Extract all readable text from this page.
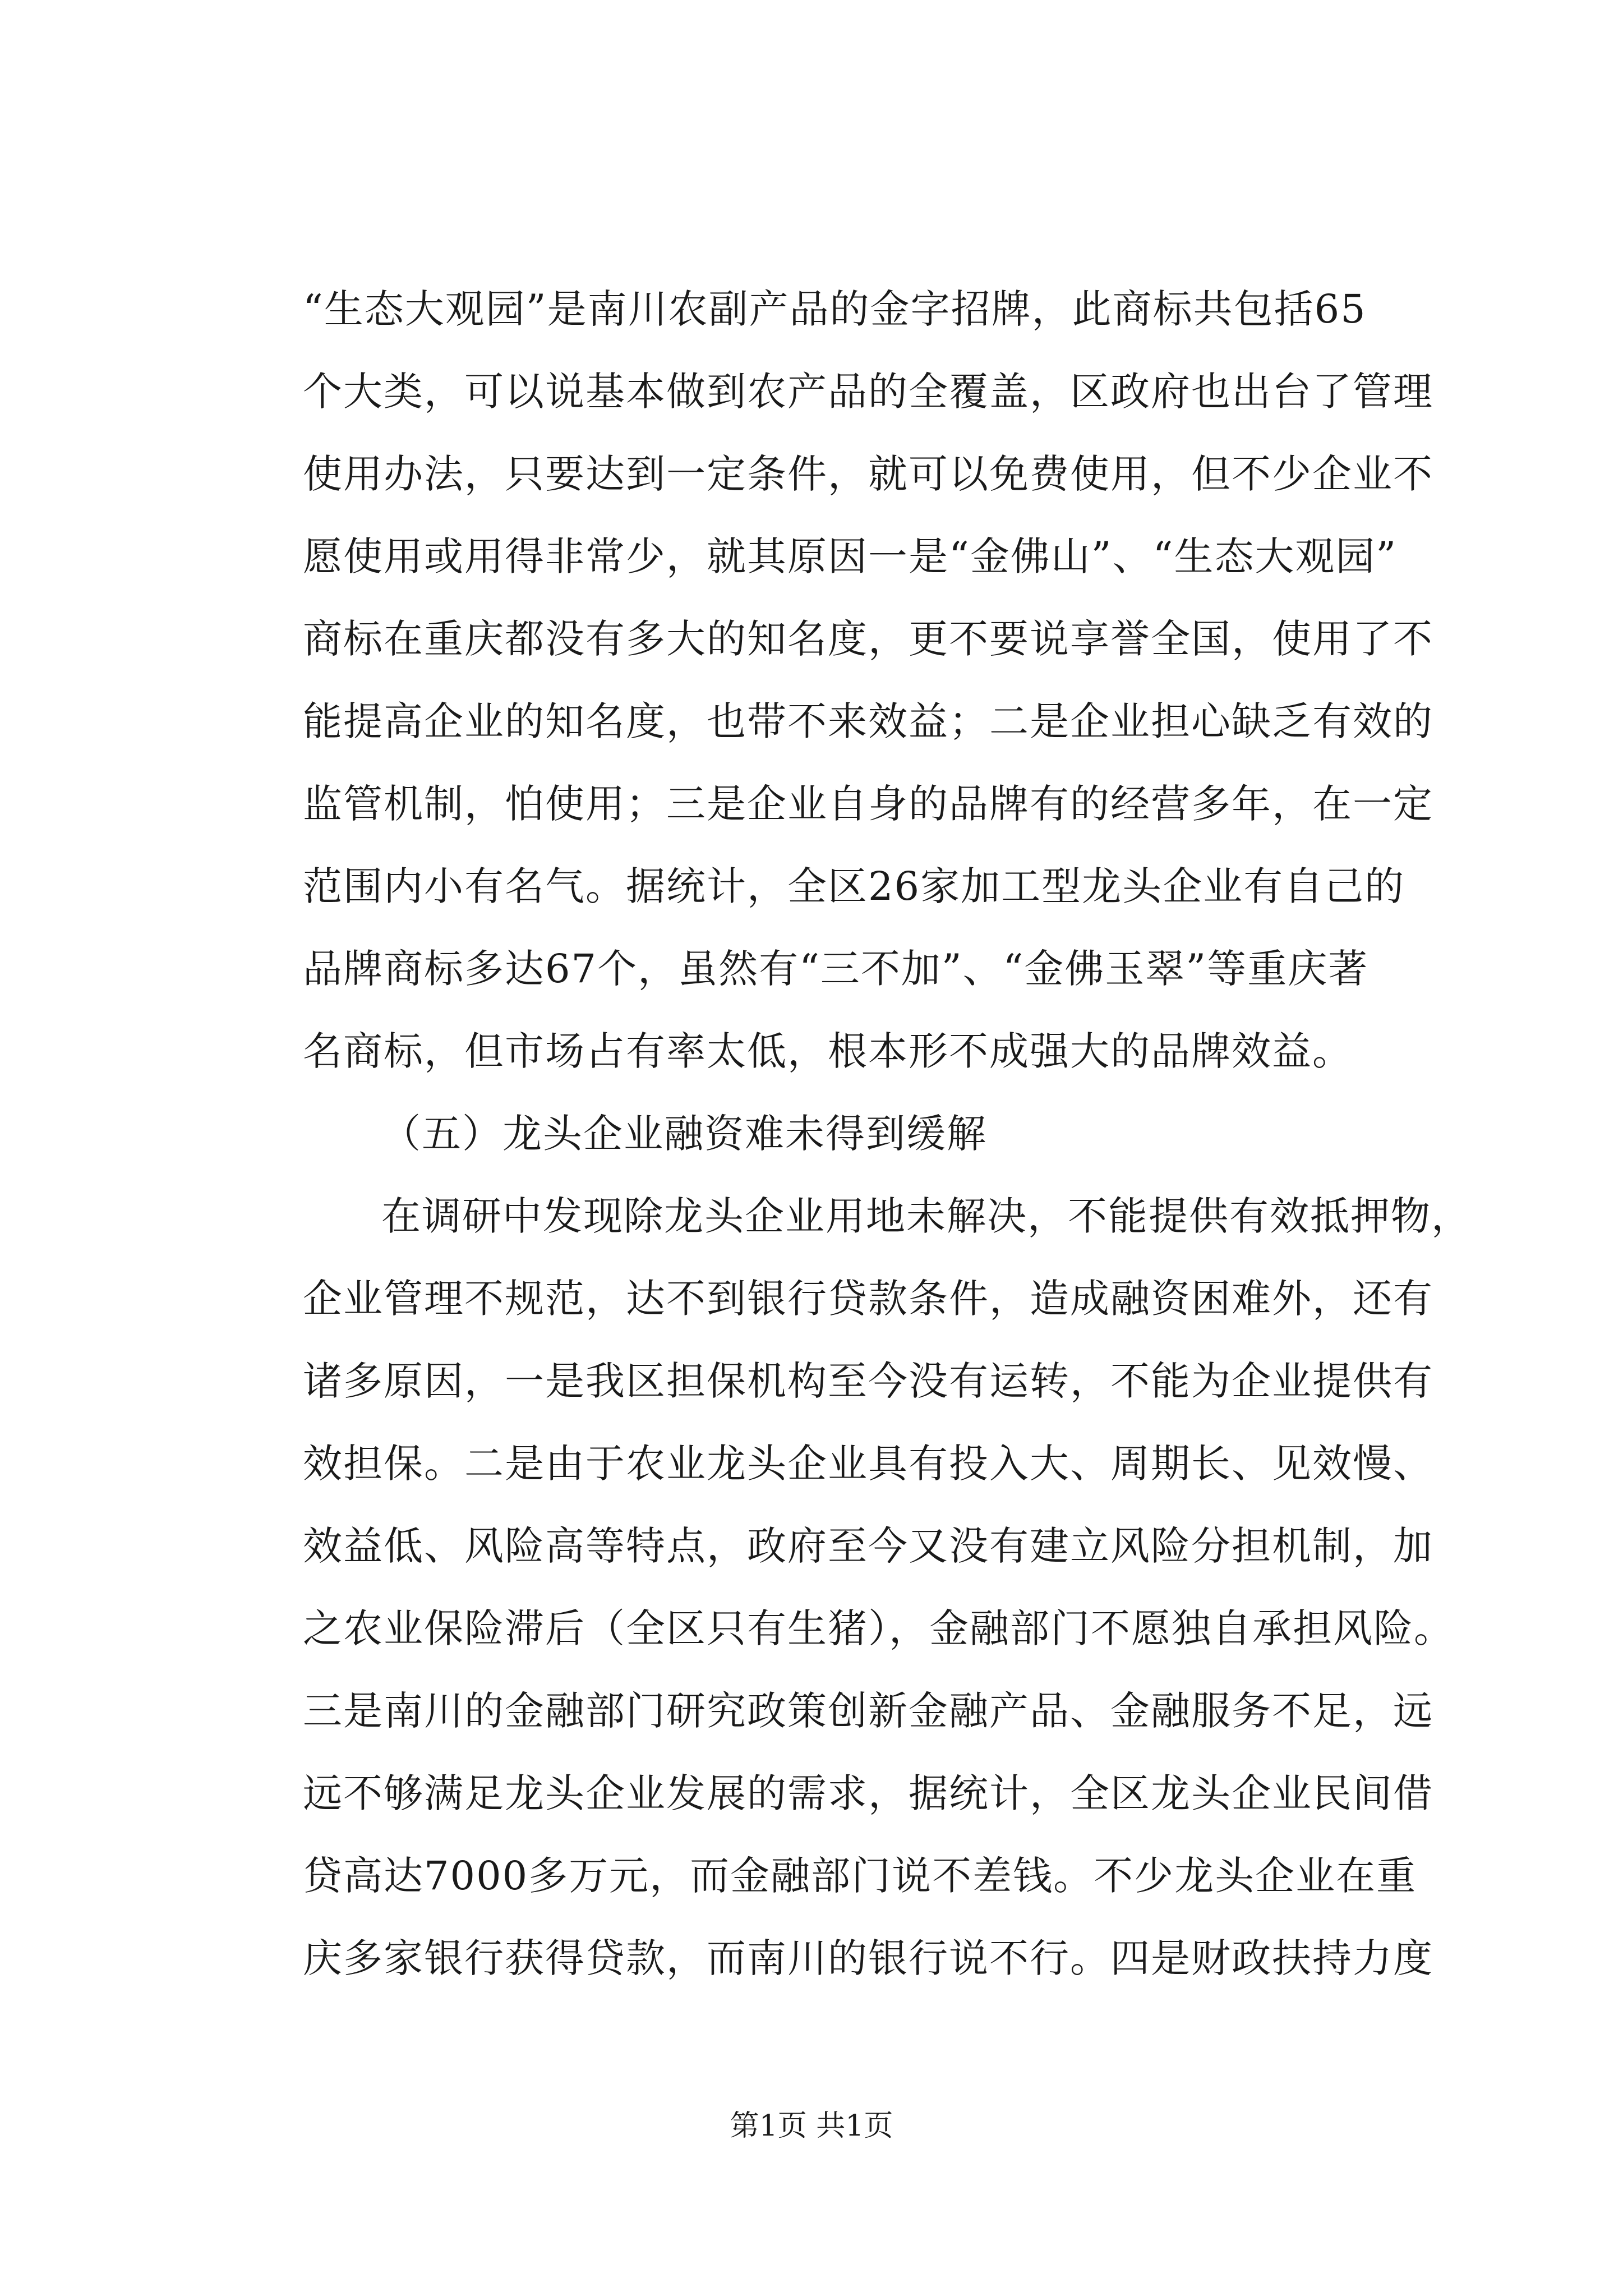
“生态大观园”是南川农副产品的金字招牌，此商标共包括65
个大类，可以说基本做到农产品的全覆盖，区政府也出台了管理
使用办法，只要达到一定条件，就可以免费使用，但不少企业不
愿使用或用得非常少，就其原因一是“金佛山”、“生态大观园”
商标在重庆都没有多大的知名度，更不要说享誉全国，使用了不
能提高企业的知名度，也带不来效益；二是企业担心缺乏有效的
监管机制，怕使用；三是企业自身的品牌有的经营多年，在一定
范围内小有名气。据统计，全区26家加工型龙头企业有自己的
品牌商标多达67个，虽然有“三不加”、“金佛玉翠”等重庆著
名商标，但市场占有率太低，根本形不成强大的品牌效益。
（五）龙头企业融资难未得到缓解
在调研中发现除龙头企业用地未解决，不能提供有效抵押物，
企业管理不规范，达不到银行贷款条件，造成融资困难外，还有
诸多原因，一是我区担保机构至今没有运转，不能为企业提供有
效担保。二是由于农业龙头企业具有投入大、周期长、见效慢、
效益低、风险高等特点，政府至今又没有建立风险分担机制，加
之农业保险滞后（全区只有生猪），金融部门不愿独自承担风险。
三是南川的金融部门研究政策创新金融产品、金融服务不足，远
远不够满足龙头企业发展的需求，据统计，全区龙头企业民间借
贷高达7000多万元，而金融部门说不差钱。不少龙头企业在重
庆多家银行获得贷款，而南川的银行说不行。四是财政扶持力度
第1页 共1页
